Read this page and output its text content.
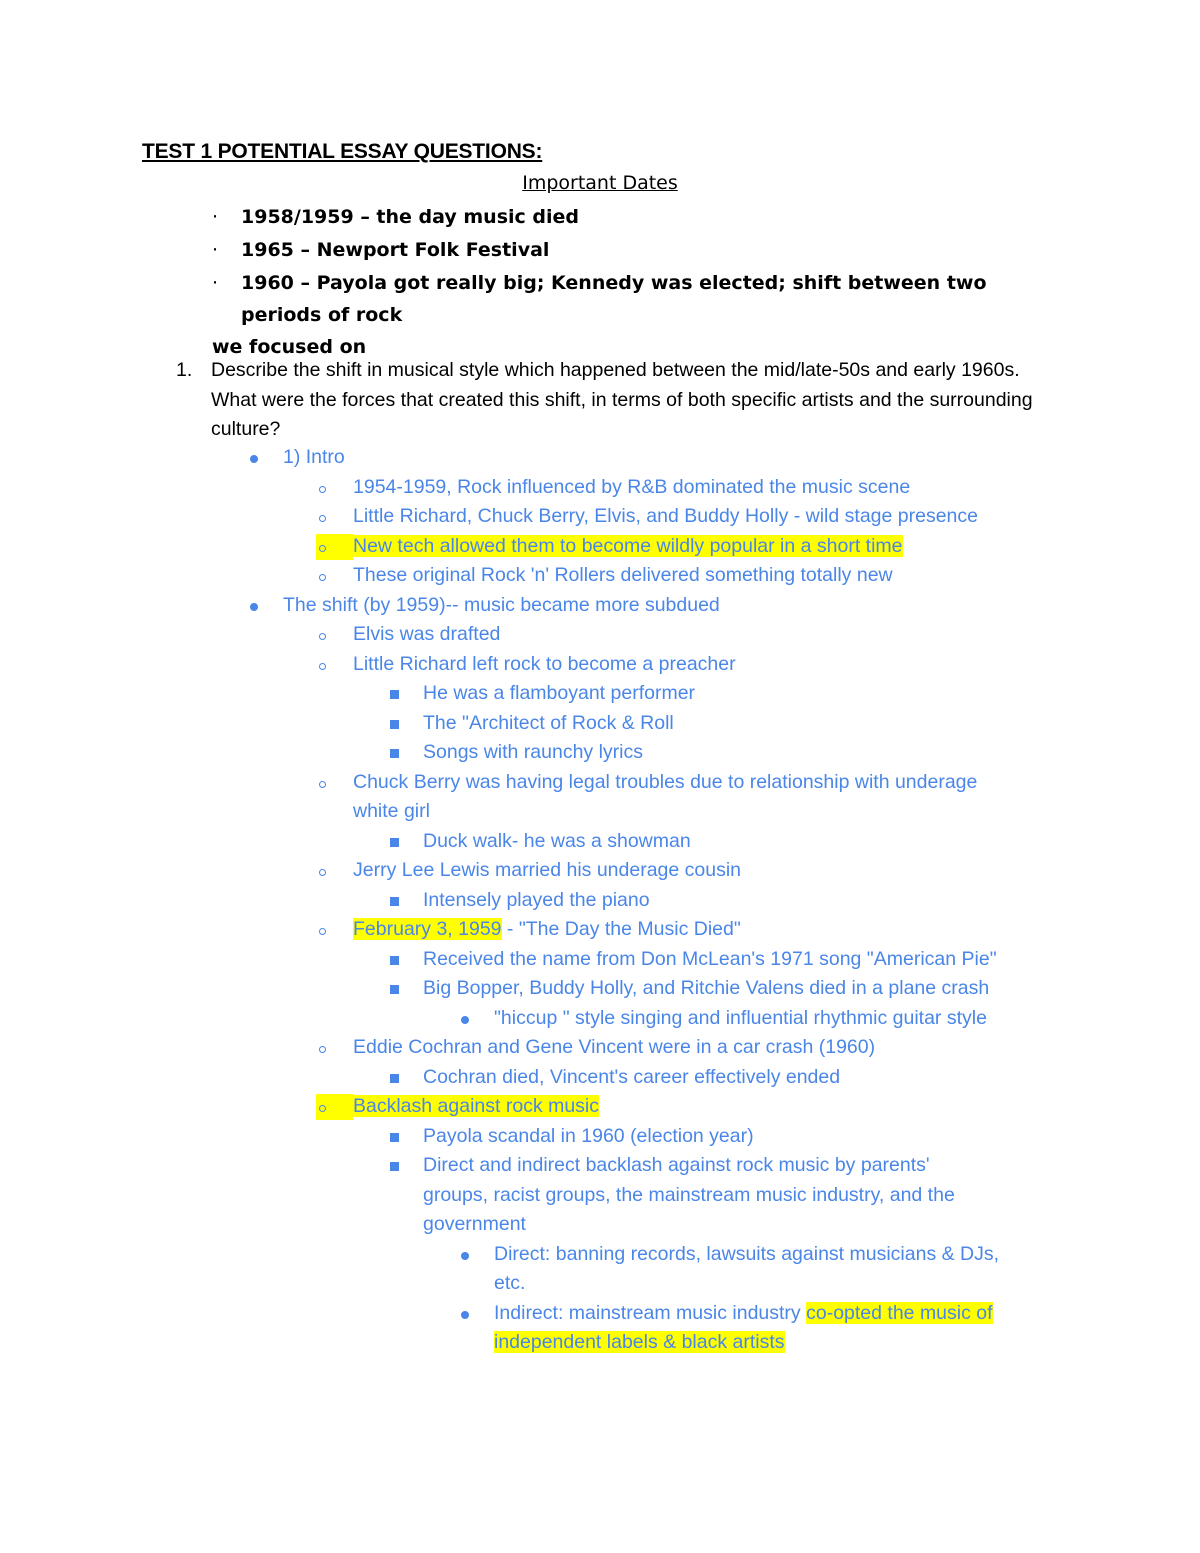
TEST 1 POTENTIAL ESSAY QUESTIONS:
Important Dates
·	1958/1959 – the day music died
·	1965 – Newport Folk Festival
·	1960 – Payola got really big; Kennedy was elected; shift between two periods of rock
we focused on
1. Describe the shift in musical style which happened between the mid/late-50s and early 1960s. What were the forces that created this shift, in terms of both specific artists and the surrounding culture?
1) Intro
1954-1959, Rock influenced by R&B dominated the music scene
Little Richard, Chuck Berry, Elvis, and Buddy Holly - wild stage presence
New tech allowed them to become wildly popular in a short time
These original Rock 'n' Rollers delivered something totally new
The shift (by 1959)-- music became more subdued
Elvis was drafted
Little Richard left rock to become a preacher
He was a flamboyant performer
The "Architect of Rock & Roll
Songs with raunchy lyrics
Chuck Berry was having legal troubles due to relationship with underage
white girl
Duck walk- he was a showman
Jerry Lee Lewis married his underage cousin
Intensely played the piano
February 3, 1959 - "The Day the Music Died"
Received the name from Don McLean's 1971 song "American Pie"
Big Bopper, Buddy Holly, and Ritchie Valens died in a plane crash
"hiccup " style singing and influential rhythmic guitar style
Eddie Cochran and Gene Vincent were in a car crash (1960)
Cochran died, Vincent's career effectively ended
Backlash against rock music
Payola scandal in 1960 (election year)
Direct and indirect backlash against rock music by parents'
groups, racist groups, the mainstream music industry, and the
government
Direct: banning records, lawsuits against musicians & DJs,
etc.
Indirect: mainstream music industry co-opted the music of
independent labels & black artists
